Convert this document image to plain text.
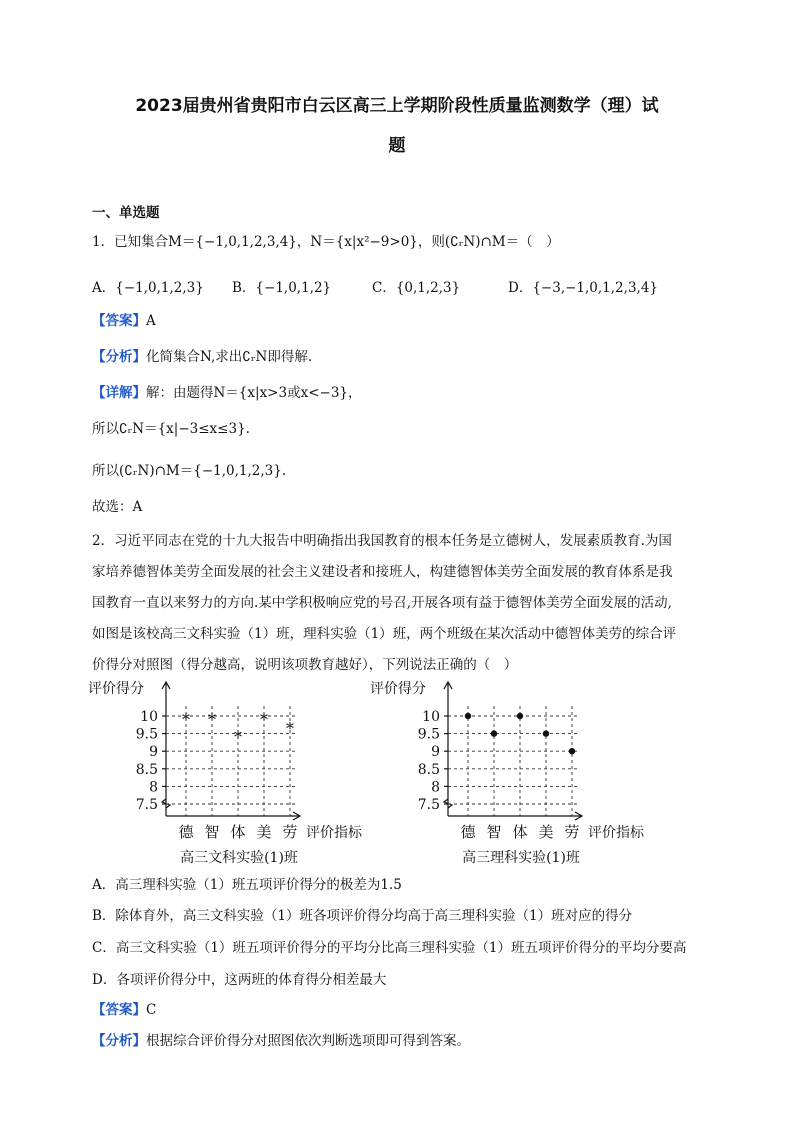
2023届贵州省贵阳市白云区高三上学期阶段性质量监测数学（理）试
题
一、单选题
1．已知集合M＝{−1,0,1,2,3,4}，N＝{x|x²−9>0}，则(∁ᵣN)∩M＝（　）
A．{−1,0,1,2,3} B．{−1,0,1,2}	C．{0,1,2,3}	D．{−3,−1,0,1,2,3,4}
【答案】A
【分析】化简集合N,求出∁ᵣN即得解.
【详解】解：由题得N＝{x|x>3或x<−3}，
所以∁ᵣN＝{x|−3≤x≤3}.
所以(∁ᵣN)∩M＝{−1,0,1,2,3}.
故选：A
2．习近平同志在党的十九大报告中明确指出我国教育的根本任务是立德树人，发展素质教育.为国
家培养德智体美劳全面发展的社会主义建设者和接班人，构建德智体美劳全面发展的教育体系是我
国教育一直以来努力的方向.某中学积极响应党的号召,开展各项有益于德智体美劳全面发展的活动,
如图是该校高三文科实验（1）班，理科实验（1）班，两个班级在某次活动中德智体美劳的综合评
价得分对照图（得分越高，说明该项教育越好），下列说法正确的（　）
7.5
8
8.5
9
9.5
10
德 智 体 美 劳
评价得分
评价指标
高三文科实验(1)班
* *
*
* *
7.5
8
8.5
9
9.5
10
德 智 体 美 劳
评价得分
评价指标
高三理科实验(1)班
A．高三理科实验（1）班五项评价得分的极差为1.5
B．除体育外，高三文科实验（1）班各项评价得分均高于高三理科实验（1）班对应的得分
C．高三文科实验（1）班五项评价得分的平均分比高三理科实验（1）班五项评价得分的平均分要高
D．各项评价得分中，这两班的体育得分相差最大
【答案】C
【分析】根据综合评价得分对照图依次判断选项即可得到答案。
